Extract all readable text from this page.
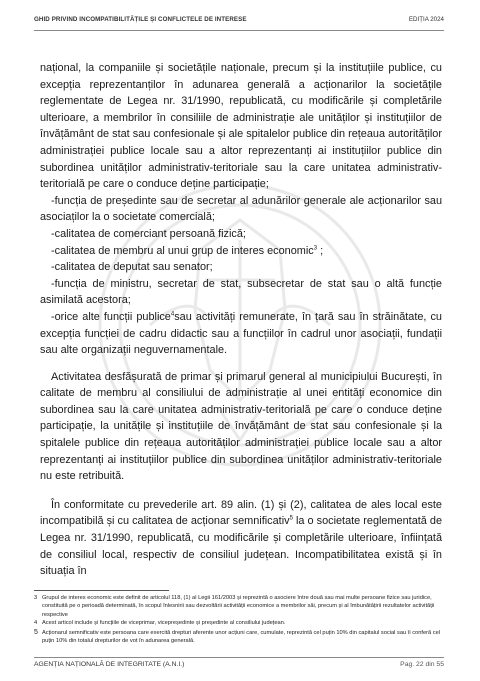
GHID PRIVIND INCOMPATIBILITĂȚILE ȘI CONFLICTELE DE INTERESE	EDIȚIA 2024

național, la companiile și societățile naționale, precum și la instituțiile publice, cu excepția reprezentanților în adunarea generală a acționarilor la societățile reglementate de Legea nr. 31/1990, republicată, cu modificările și completările ulterioare, a membrilor în consiliile de administrație ale unităților și instituțiilor de învățământ de stat sau confesionale și ale spitalelor publice din rețeaua autorităților administrației publice locale sau a altor reprezentanți ai instituțiilor publice din subordinea unităților administrativ-teritoriale sau la care unitatea administrativ-teritorială pe care o conduce deține participație;

-funcția de președinte sau de secretar al adunărilor generale ale acționarilor sau asociaților la o societate comercială;

-calitatea de comerciant persoană fizică;

-calitatea de membru al unui grup de interes economic$^3$ ;

-calitatea de deputat sau senator;

-funcția de ministru, secretar de stat, subsecretar de stat sau o altă funcție asimilată acestora;

-orice alte funcții publice$^4$sau activități remunerate, în țară sau în străinătate, cu excepția funcției de cadru didactic sau a funcțiilor în cadrul unor asociații, fundații sau alte organizații neguvernamentale.

Activitatea desfășurată de primar și primarul general al municipiului București, în calitate de membru al consiliului de administrație al unei entități economice din subordinea sau la care unitatea administrativ-teritorială pe care o conduce deține participație, la unitățile și instituțiile de învățământ de stat sau confesionale și la spitalele publice din rețeaua autorităților administrației publice locale sau a altor reprezentanți ai instituțiilor publice din subordinea unităților administrativ-teritoriale nu este retribuită.

În conformitate cu prevederile art. 89 alin. (1) și (2), calitatea de ales local este incompatibilă și cu calitatea de acționar semnificativ$^5$ la o societate reglementată de Legea nr. 31/1990, republicată, cu modificările și completările ulterioare, înființată de consiliul local, respectiv de consiliul județean. Incompatibilitatea există și în situația în

3 Grupul de interes economic este definit de articolul 118, (1) al Legii 161/2003 și reprezintă o asociere între două sau mai multe persoane fizice sau juridice, constituită pe o perioadă determinată, în scopul înlesnirii sau dezvoltării activității economice a membrilor săi, precum și al îmbunătățirii rezultatelor activității respective

4 Acest articol include și funcțiile de viceprimar, vicepreședinte și președinte al consiliului județean.

5 Acționarul semnificativ este persoana care exercită drepturi aferente unor acțiuni care, cumulate, reprezintă cel puțin 10% din capitalul social sau îi conferă cel puțin 10% din totalul drepturilor de vot în adunarea generală.

AGENȚIA NAȚIONALĂ DE INTEGRITATE (A.N.I.)	Pag. 22 din 55
